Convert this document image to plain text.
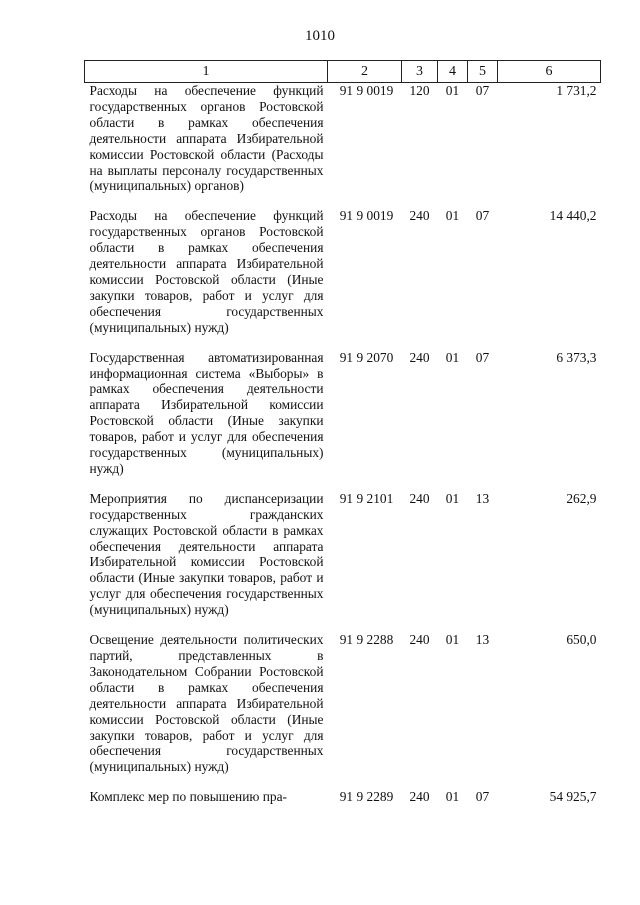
1010
1	2	3	4	5	6
Расходы на обеспечение функций государственных органов Ростовской области в рамках обеспечения деятельности аппарата Избирательной комиссии Ростовской области (Расходы на выплаты персоналу государственных (муниципальных) органов)	91 9 0019	120	01	07	1 731,2
Расходы на обеспечение функций государственных органов Ростовской области в рамках обеспечения деятельности аппарата Избирательной комиссии Ростовской области (Иные закупки товаров, работ и услуг для обеспечения государственных (муниципальных) нужд)	91 9 0019	240	01	07	14 440,2
Государственная автоматизированная информационная система «Выборы» в рамках обеспечения деятельности аппарата Избирательной комиссии Ростовской области (Иные закупки товаров, работ и услуг для обеспечения государственных (муниципальных) нужд)	91 9 2070	240	01	07	6 373,3
Мероприятия по диспансеризации государственных гражданских служащих Ростовской области в рамках обеспечения деятельности аппарата Избирательной комиссии Ростовской области (Иные закупки товаров, работ и услуг для обеспечения государственных (муниципальных) нужд)	91 9 2101	240	01	13	262,9
Освещение деятельности политических партий, представленных в Законодательном Собрании Ростовской области в рамках обеспечения деятельности аппарата Избирательной комиссии Ростовской области (Иные закупки товаров, работ и услуг для обеспечения государственных (муниципальных) нужд)	91 9 2288	240	01	13	650,0
Комплекс мер по повышению пра-	91 9 2289	240	01	07	54 925,7
